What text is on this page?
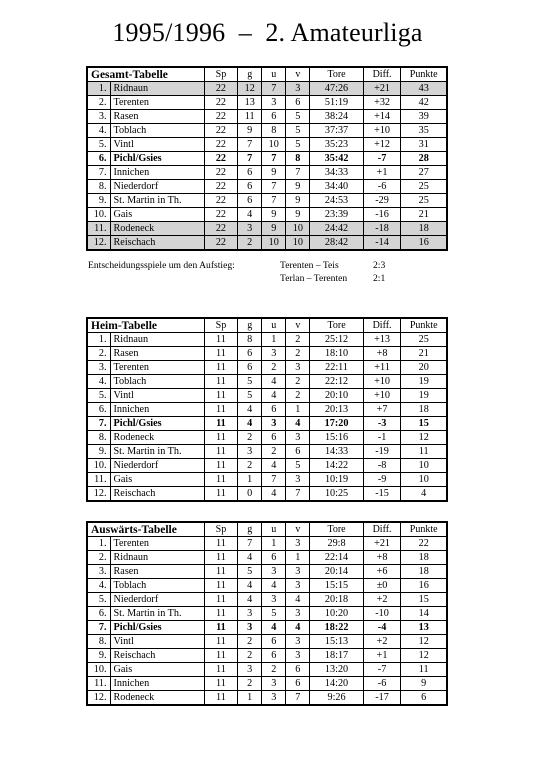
1995/1996  –  2. Amateurliga
Gesamt-Tabelle		Sp	g	u	v	Tore	Diff.	Punkte
1.	Ridnaun	22	12	7	3	47:26	+21	43
2.	Terenten	22	13	3	6	51:19	+32	42
3.	Rasen	22	11	6	5	38:24	+14	39
4.	Toblach	22	9	8	5	37:37	+10	35
5.	Vintl	22	7	10	5	35:23	+12	31
6.	Pichl/Gsies	22	7	7	8	35:42	-7	28
7.	Innichen	22	6	9	7	34:33	+1	27
8.	Niederdorf	22	6	7	9	34:40	-6	25
9.	St. Martin in Th.	22	6	7	9	24:53	-29	25
10.	Gais	22	4	9	9	23:39	-16	21
11.	Rodeneck	22	3	9	10	24:42	-18	18
12.	Reischach	22	2	10	10	28:42	-14	16
Entscheidungsspiele um den Aufstieg:	Terenten – Teis	2:3
Terlan – Terenten	2:1
Heim-Tabelle		Sp	g	u	v	Tore	Diff.	Punkte
1.	Ridnaun	11	8	1	2	25:12	+13	25
2.	Rasen	11	6	3	2	18:10	+8	21
3.	Terenten	11	6	2	3	22:11	+11	20
4.	Toblach	11	5	4	2	22:12	+10	19
5.	Vintl	11	5	4	2	20:10	+10	19
6.	Innichen	11	4	6	1	20:13	+7	18
7.	Pichl/Gsies	11	4	3	4	17:20	-3	15
8.	Rodeneck	11	2	6	3	15:16	-1	12
9.	St. Martin in Th.	11	3	2	6	14:33	-19	11
10.	Niederdorf	11	2	4	5	14:22	-8	10
11.	Gais	11	1	7	3	10:19	-9	10
12.	Reischach	11	0	4	7	10:25	-15	4
Auswärts-Tabelle		Sp	g	u	v	Tore	Diff.	Punkte
1.	Terenten	11	7	1	3	29:8	+21	22
2.	Ridnaun	11	4	6	1	22:14	+8	18
3.	Rasen	11	5	3	3	20:14	+6	18
4.	Toblach	11	4	4	3	15:15	±0	16
5.	Niederdorf	11	4	3	4	20:18	+2	15
6.	St. Martin in Th.	11	3	5	3	10:20	-10	14
7.	Pichl/Gsies	11	3	4	4	18:22	-4	13
8.	Vintl	11	2	6	3	15:13	+2	12
9.	Reischach	11	2	6	3	18:17	+1	12
10.	Gais	11	3	2	6	13:20	-7	11
11.	Innichen	11	2	3	6	14:20	-6	9
12.	Rodeneck	11	1	3	7	9:26	-17	6
